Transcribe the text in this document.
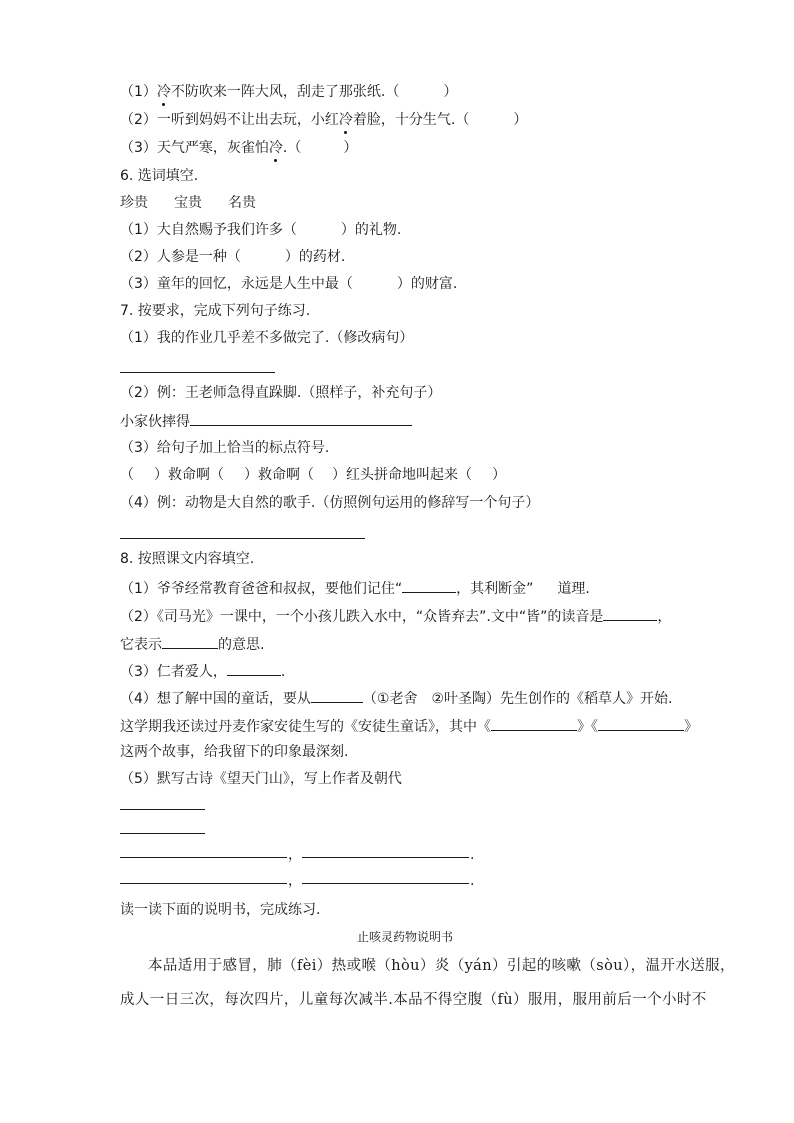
（1）冷不防吹来一阵大风，刮走了那张纸.（	）
（2）一听到妈妈不让出去玩，小红冷着脸，十分生气.（	）
（3）天气严寒，灰雀怕冷.（	）
6. 选词填空.
珍贵 宝贵 名贵
（1）大自然赐予我们许多（	）的礼物.
（2）人参是一种（	）的药材.
（3）童年的回忆，永远是人生中最（	）的财富.
7. 按要求，完成下列句子练习.
（1）我的作业几乎差不多做完了.（修改病句）
（2）例：王老师急得直跺脚.（照样子，补充句子）
小家伙摔得
（3）给句子加上恰当的标点符号.
（ ）救命啊（ ）救命啊（ ）红头拼命地叫起来（ ）
（4）例：动物是大自然的歌手.（仿照例句运用的修辞写一个句子）
8. 按照课文内容填空.
（1）爷爷经常教育爸爸和叔叔，要他们记住“	，其利断金” 道理.
（2）《司马光》一课中，一个小孩儿跌入水中，“众皆弃去”.文中“皆”的读音是	，
它表示	的意思.
（3）仁者爱人，	.
（4）想了解中国的童话，要从	（①老舍　②叶圣陶）先生创作的《稻草人》开始.
这学期我还读过丹麦作家安徒生写的《安徒生童话》，其中《	》《	》
这两个故事，给我留下的印象最深刻.
（5）默写古诗《望天门山》，写上作者及朝代
，	.
，	.
读一读下面的说明书，完成练习.
止咳灵药物说明书
本品适用于感冒，肺（fèi）热或喉（hòu）炎（yán）引起的咳嗽（sòu），温开水送服，
成人一日三次，每次四片，儿童每次减半.本品不得空腹（fù）服用，服用前后一个小时不
